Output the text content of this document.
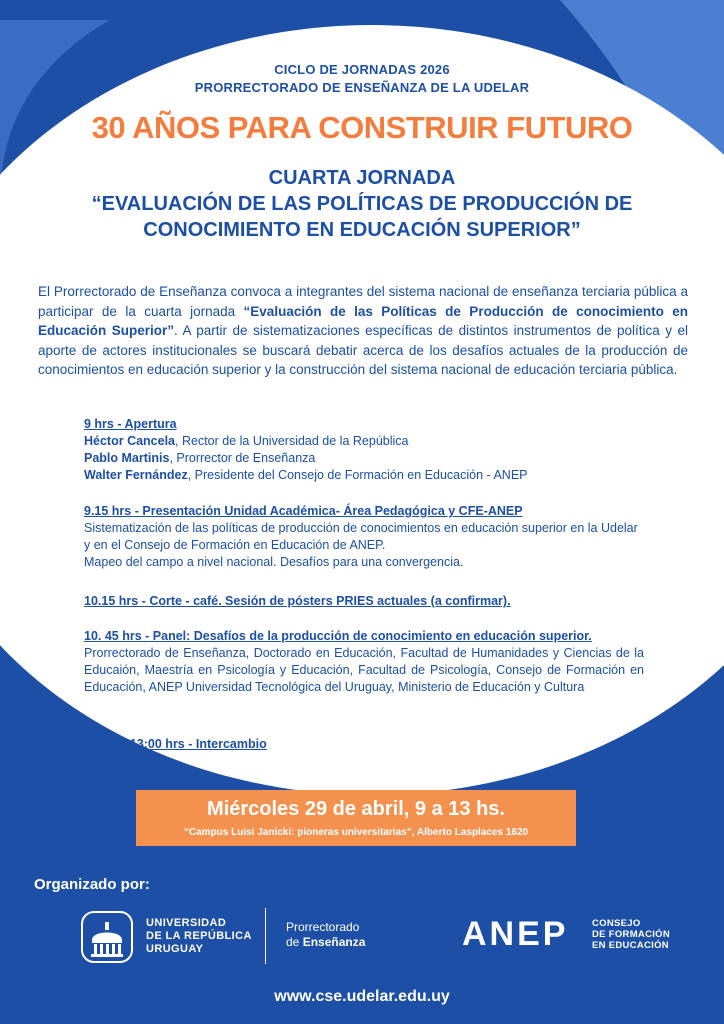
CICLO DE JORNADAS 2026
PRORRECTORADO DE ENSEÑANZA DE LA UDELAR
30 AÑOS PARA CONSTRUIR FUTURO
CUARTA JORNADA
“EVALUACIÓN DE LAS POLÍTICAS DE PRODUCCIÓN DE
CONOCIMIENTO EN EDUCACIÓN SUPERIOR”
El Prorrectorado de Enseñanza convoca a integrantes del sistema nacional de enseñanza terciaria pública a participar de la cuarta jornada “Evaluación de las Políticas de Producción de conocimiento en Educación Superior”. A partir de sistematizaciones específicas de distintos instrumentos de política y el aporte de actores institucionales se buscará debatir acerca de los desafíos actuales de la producción de conocimientos en educación superior y la construcción del sistema nacional de educación terciaria pública.
9 hrs - Apertura
Héctor Cancela, Rector de la Universidad de la República
Pablo Martinis, Prorrector de Enseñanza
Walter Fernández, Presidente del Consejo de Formación en Educación - ANEP
9.15 hrs - Presentación Unidad Académica- Área Pedagógica y CFE-ANEP
Sistematización de las políticas de producción de conocimientos en educación superior en la Udelar y en el Consejo de Formación en Educación de ANEP.
Mapeo del campo a nivel nacional. Desafíos para una convergencia.
10.15 hrs - Corte - café. Sesión de pósters PRIES actuales (a confirmar).
10. 45 hrs - Panel: Desafíos de la producción de conocimiento en educación superior.
Prorrectorado de Enseñanza, Doctorado en Educación, Facultad de Humanidades y Ciencias de la Educaión, Maestría en Psicología y Educación, Facultad de Psicología, Consejo de Formación en Educación, ANEP Universidad Tecnológica del Uruguay, Ministerio de Educación y Cultura
12:15 a 13:00 hrs - Intercambio
Miércoles 29 de abril, 9 a 13 hs.
“Campus Luisi Janicki: pioneras universitarias”, Alberto Lasplaces 1620
Organizado por:
UNIVERSIDAD
DE LA REPÚBLICA
URUGUAY
Prorrectorado
de Enseñanza	ANEP CONSEJO
DE FORMACIÓN
EN EDUCACIÓN
www.cse.udelar.edu.uy
